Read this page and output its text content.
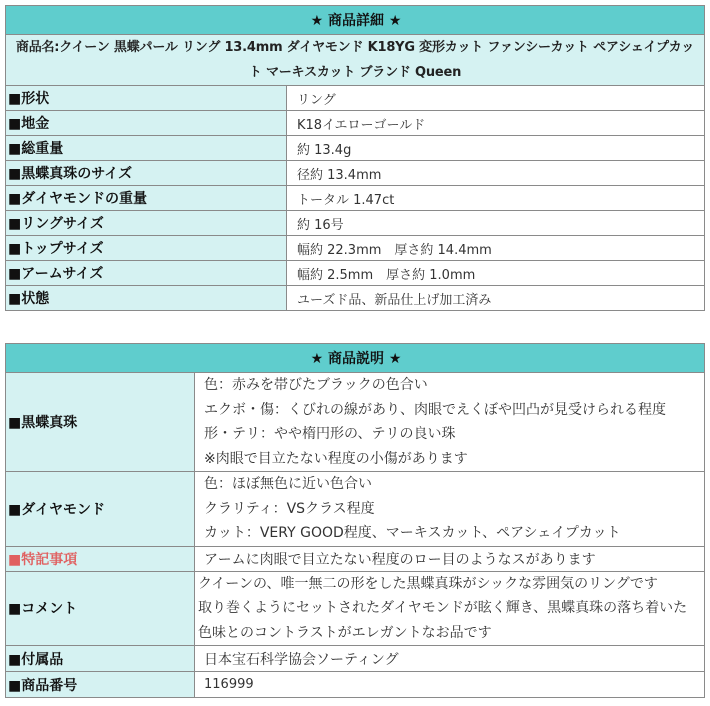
★ 商品詳細 ★	
商品名:クイーン 黒蝶パール リング 13.4mm ダイヤモンド K18YG 変形カット ファンシーカット ペアシェイプカット マーキスカット ブランド Queen	
■形状	リング
■地金	K18イエローゴールド
■総重量	約 13.4g
■黒蝶真珠のサイズ	径約 13.4mm
■ダイヤモンドの重量	トータル 1.47ct
■リングサイズ	約 16号
■トップサイズ	幅約 22.3mm　厚さ約 14.4mm
■アームサイズ	幅約 2.5mm　厚さ約 1.0mm
■状態	ユーズド品、新品仕上げ加工済み
★ 商品説明 ★	
■黒蝶真珠	色：赤みを帯びたブラックの色合い
エクボ・傷：くびれの線があり、肉眼でえくぼや凹凸が見受けられる程度
形・テリ：やや楕円形の、テリの良い珠
※肉眼で目立たない程度の小傷があります

■ダイヤモンド	色：ほぼ無色に近い色合い
クラリティ：VSクラス程度
カット：VERY GOOD程度、マーキスカット、ペアシェイプカット

■特記事項	アームに肉眼で目立たない程度のロー目のようなスがあります
■コメント	クイーンの、唯一無二の形をした黒蝶真珠がシックな雰囲気のリングです
取り巻くようにセットされたダイヤモンドが眩く輝き、黒蝶真珠の落ち着いた
色味とのコントラストがエレガントなお品です

■付属品	日本宝石科学協会ソーティング
■商品番号	116999
